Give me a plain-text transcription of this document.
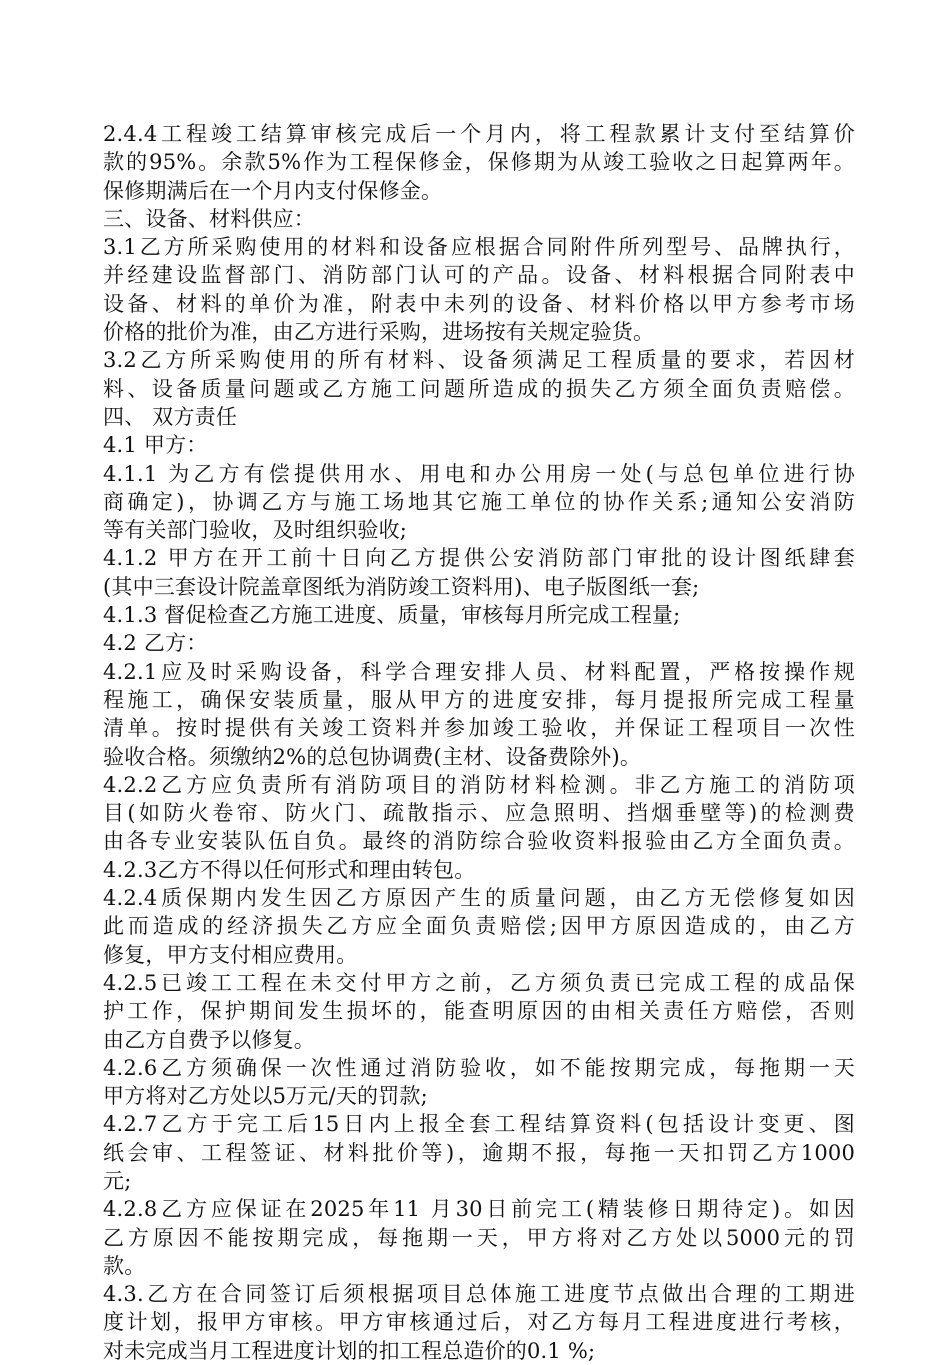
2.4.4工程竣工结算审核完成后一个月内，将工程款累计支付至结算价
款的95%。余款5%作为工程保修金，保修期为从竣工验收之日起算两年。
保修期满后在一个月内支付保修金。
三、设备、材料供应：
3.1乙方所采购使用的材料和设备应根据合同附件所列型号、品牌执行，
并经建设监督部门、消防部门认可的产品。设备、材料根据合同附表中
设备、材料的单价为准，附表中未列的设备、材料价格以甲方参考市场
价格的批价为准，由乙方进行采购，进场按有关规定验货。
3.2乙方所采购使用的所有材料、设备须满足工程质量的要求，若因材
料、设备质量问题或乙方施工问题所造成的损失乙方须全面负责赔偿。
四、 双方责任
4.1 甲方：
4.1.1 为乙方有偿提供用水、用电和办公用房一处(与总包单位进行协
商确定)，协调乙方与施工场地其它施工单位的协作关系;通知公安消防
等有关部门验收，及时组织验收;
4.1.2 甲方在开工前十日向乙方提供公安消防部门审批的设计图纸肆套
(其中三套设计院盖章图纸为消防竣工资料用)、电子版图纸一套;
4.1.3 督促检查乙方施工进度、质量，审核每月所完成工程量;
4.2 乙方：
4.2.1应及时采购设备，科学合理安排人员、材料配置，严格按操作规
程施工，确保安装质量，服从甲方的进度安排，每月提报所完成工程量
清单。按时提供有关竣工资料并参加竣工验收，并保证工程项目一次性
验收合格。须缴纳2%的总包协调费(主材、设备费除外)。
4.2.2乙方应负责所有消防项目的消防材料检测。非乙方施工的消防项
目(如防火卷帘、防火门、疏散指示、应急照明、挡烟垂壁等)的检测费
由各专业安装队伍自负。最终的消防综合验收资料报验由乙方全面负责。
4.2.3乙方不得以任何形式和理由转包。
4.2.4质保期内发生因乙方原因产生的质量问题，由乙方无偿修复如因
此而造成的经济损失乙方应全面负责赔偿;因甲方原因造成的，由乙方
修复，甲方支付相应费用。
4.2.5已竣工工程在未交付甲方之前，乙方须负责已完成工程的成品保
护工作，保护期间发生损坏的，能查明原因的由相关责任方赔偿，否则
由乙方自费予以修复。
4.2.6乙方须确保一次性通过消防验收，如不能按期完成，每拖期一天
甲方将对乙方处以5万元/天的罚款;
4.2.7乙方于完工后15日内上报全套工程结算资料(包括设计变更、图
纸会审、工程签证、材料批价等)，逾期不报，每拖一天扣罚乙方1000
元;
4.2.8乙方应保证在2025年11 月30日前完工(精装修日期待定)。如因
乙方原因不能按期完成，每拖期一天，甲方将对乙方处以5000元的罚
款。
4.3.乙方在合同签订后须根据项目总体施工进度节点做出合理的工期进
度计划，报甲方审核。甲方审核通过后，对乙方每月工程进度进行考核，
对未完成当月工程进度计划的扣工程总造价的0.1 %;
